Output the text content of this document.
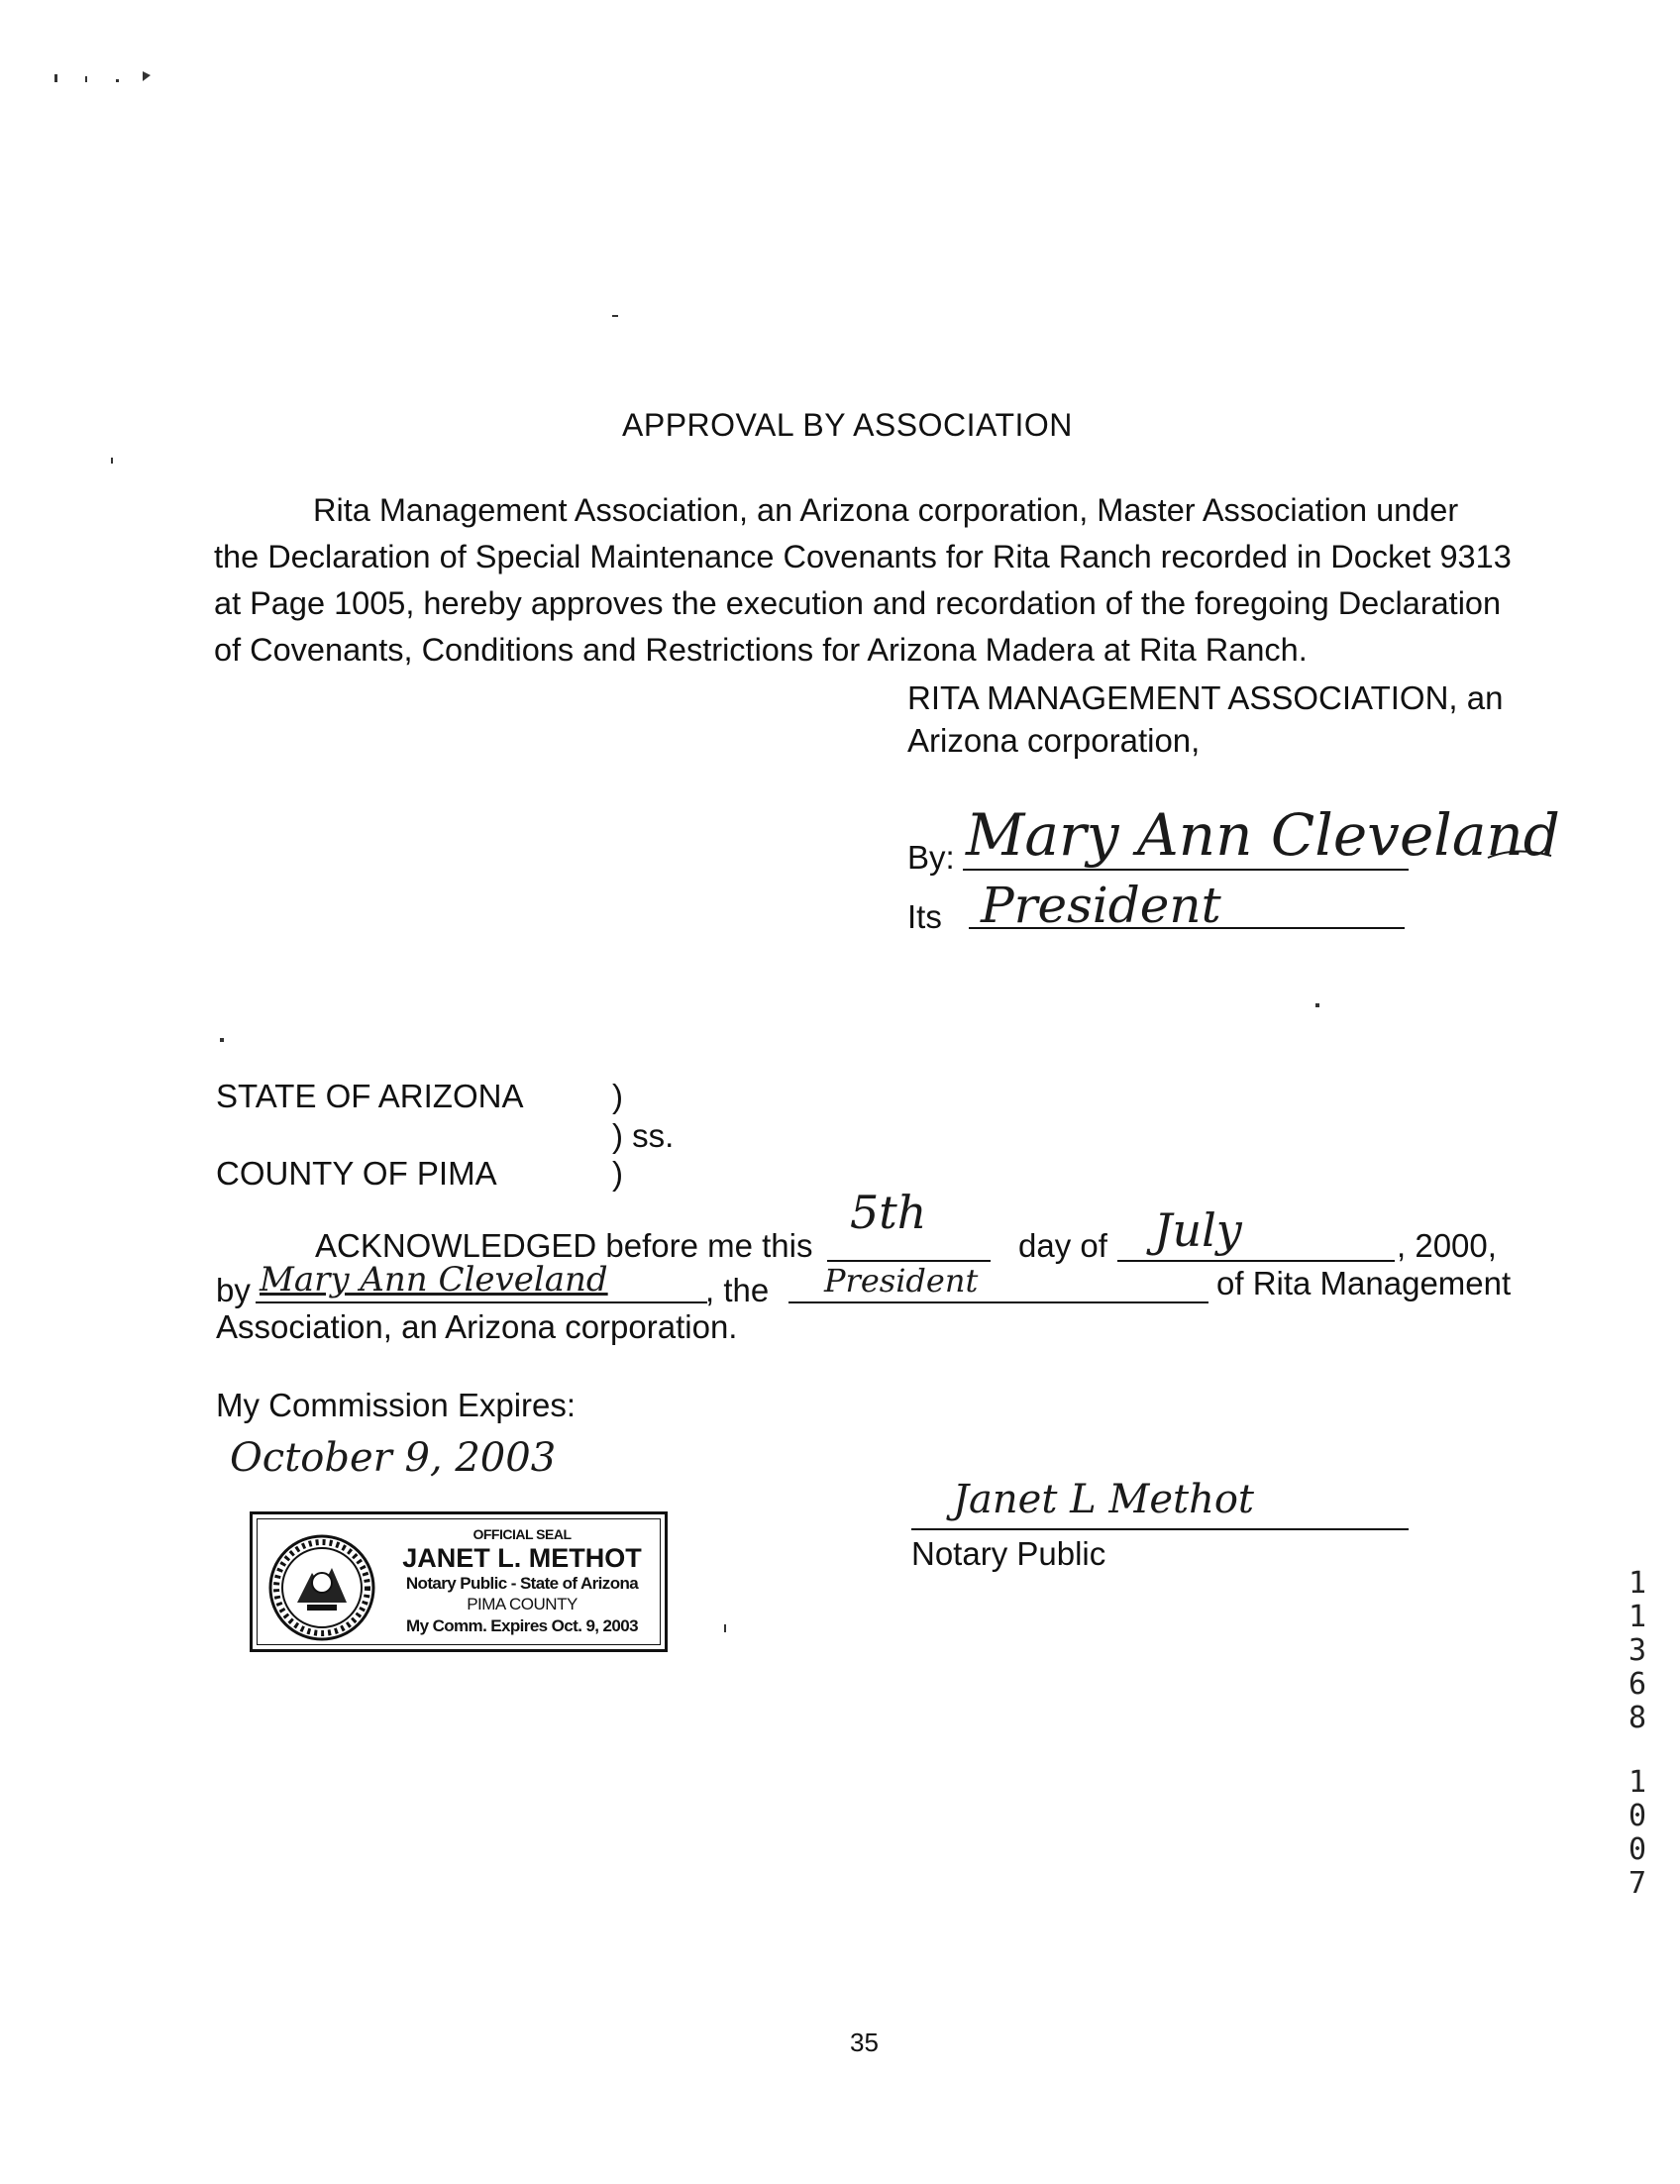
APPROVAL BY ASSOCIATION
Rita Management Association, an Arizona corporation, Master Association under
the Declaration of Special Maintenance Covenants for Rita Ranch recorded in Docket 9313
at Page 1005, hereby approves the execution and recordation of the foregoing Declaration
of Covenants, Conditions and Restrictions for Arizona Madera at Rita Ranch.
RITA MANAGEMENT ASSOCIATION, an
Arizona corporation,
By: Mary Ann Cleveland
Its President
STATE OF ARIZONA	)
) ss.
COUNTY OF PIMA	)
ACKNOWLEDGED before me this
5th
day of July	, 2000,
by Mary Ann Cleveland	, the President	of Rita Management
Association, an Arizona corporation.
My Commission Expires:
October 9, 2003
OFFICIAL SEAL
JANET L. METHOT
Notary Public - State of Arizona
PIMA COUNTY
My Comm. Expires Oct. 9, 2003
Janet L Methot
Notary Public
1 1 3 6 8
1 0 0 7
35
